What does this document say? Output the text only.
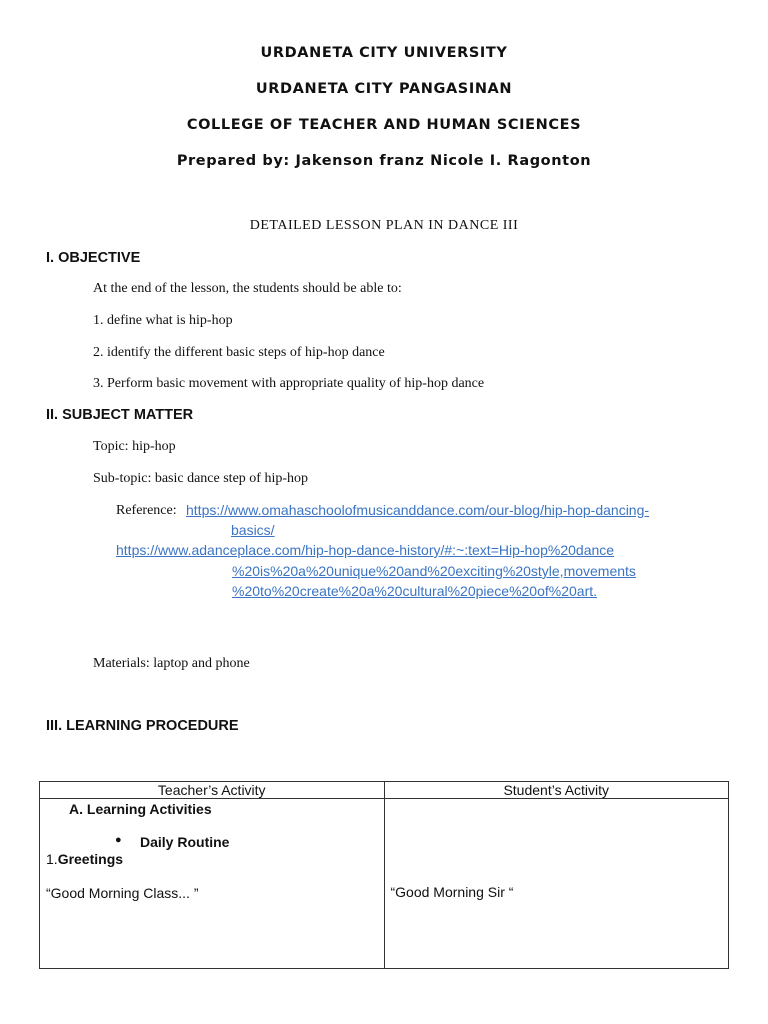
URDANETA CITY UNIVERSITY
URDANETA CITY PANGASINAN
COLLEGE OF TEACHER AND HUMAN SCIENCES
Prepared by: Jakenson franz Nicole I. Ragonton
DETAILED LESSON PLAN IN DANCE III
I. OBJECTIVE
At the end of the lesson, the students should be able to:
1. define what is hip-hop
2. identify the different basic steps of hip-hop dance
3. Perform basic movement with appropriate quality of hip-hop dance
II. SUBJECT MATTER
Topic: hip-hop
Sub-topic: basic dance step of hip-hop
Reference: https://www.omahaschoolofmusicanddance.com/our-blog/hip-hop-dancing-
basics/
https://www.adanceplace.com/hip-hop-dance-history/#:~:text=Hip-hop%20dance
%20is%20a%20unique%20and%20exciting%20style,movements
%20to%20create%20a%20cultural%20piece%20of%20art.
Materials: laptop and phone
III. LEARNING PROCEDURE
Teacher’s Activity	Student’s Activity

A. Learning Activities
● Daily Routine
1.Greetings
“Good Morning Class... ”	“Good Morning Sir “
